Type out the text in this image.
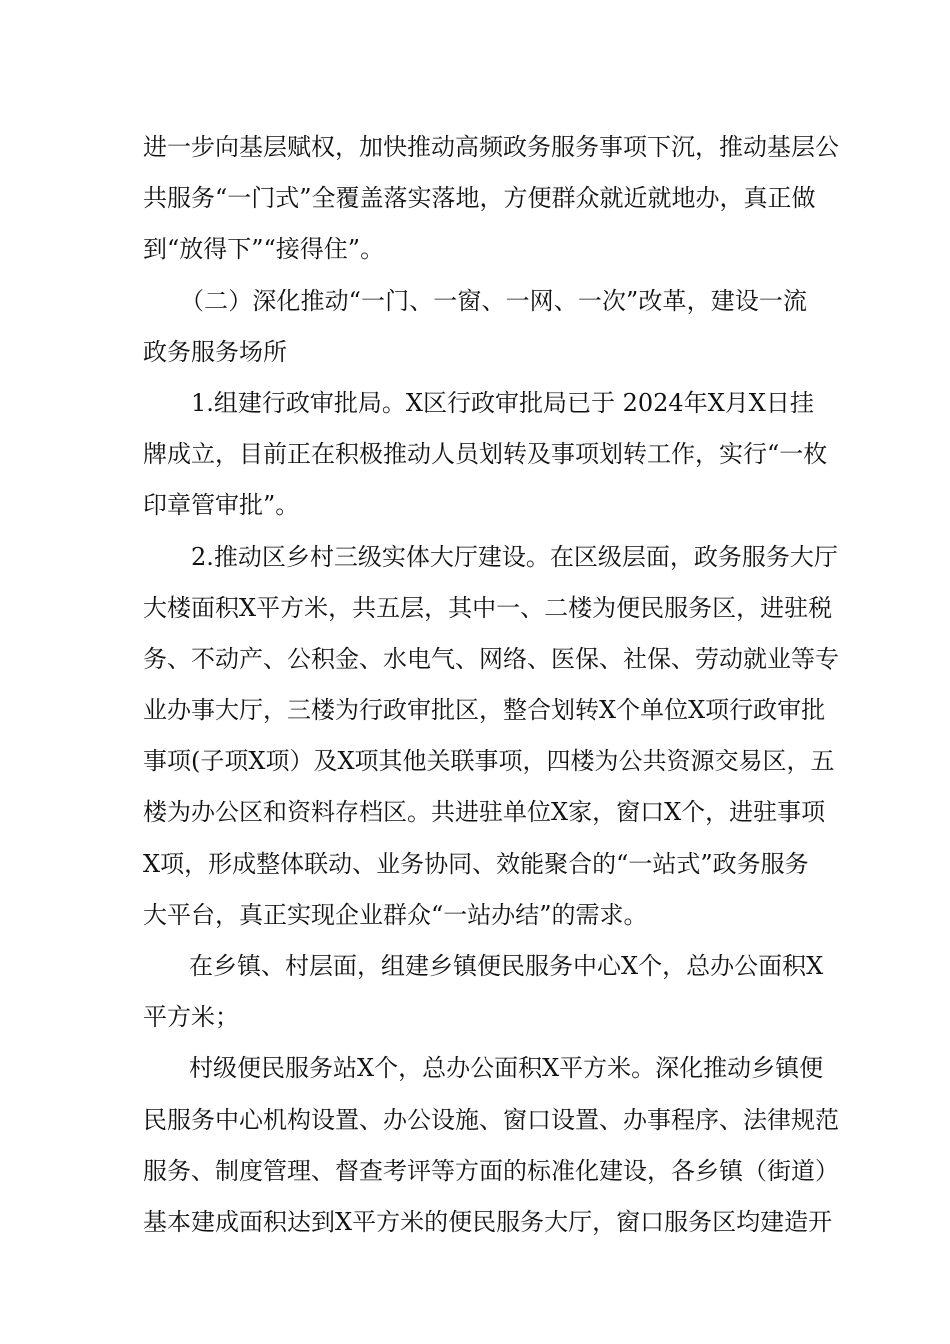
进一步向基层赋权，加快推动高频政务服务事项下沉，推动基层公
共服务“一门式”全覆盖落实落地，方便群众就近就地办，真正做
到“放得下”“接得住”。
（二）深化推动“一门、一窗、一网、一次”改革，建设一流
政务服务场所
1.组建行政审批局。X区行政审批局已于 2024年X月X日挂
牌成立，目前正在积极推动人员划转及事项划转工作，实行“一枚
印章管审批”。
2.推动区乡村三级实体大厅建设。在区级层面，政务服务大厅
大楼面积X平方米，共五层，其中一、二楼为便民服务区，进驻税
务、不动产、公积金、水电气、网络、医保、社保、劳动就业等专
业办事大厅，三楼为行政审批区，整合划转X个单位X项行政审批
事项(子项X项）及X项其他关联事项，四楼为公共资源交易区，五
楼为办公区和资料存档区。共进驻单位X家，窗口X个，进驻事项
X项，形成整体联动、业务协同、效能聚合的“一站式”政务服务
大平台，真正实现企业群众“一站办结”的需求。
在乡镇、村层面，组建乡镇便民服务中心X个，总办公面积X
平方米；
村级便民服务站X个，总办公面积X平方米。深化推动乡镇便
民服务中心机构设置、办公设施、窗口设置、办事程序、法律规范
服务、制度管理、督查考评等方面的标准化建设，各乡镇（街道）
基本建成面积达到X平方米的便民服务大厅，窗口服务区均建造开
